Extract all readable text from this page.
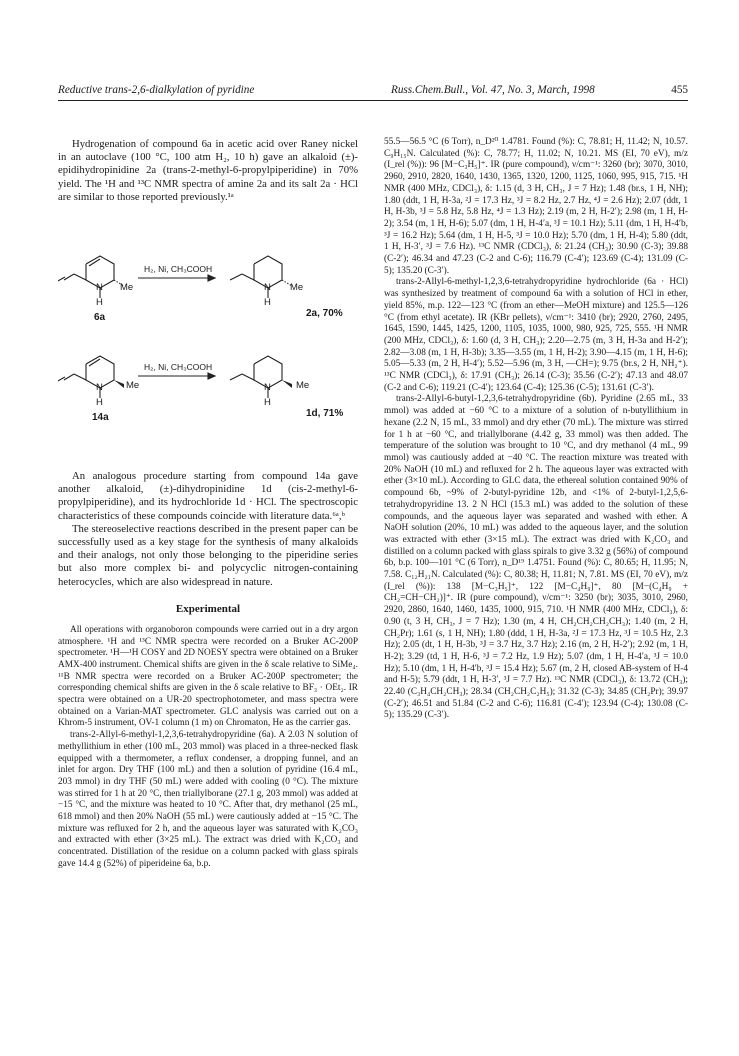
Reductive trans-2,6-dialkylation of pyridine	Russ.Chem.Bull., Vol. 47, No. 3, March, 1998	455

Hydrogenation of compound 6a in acetic acid over Raney nickel in an autoclave (100 °C, 100 atm H₂, 10 h) gave an alkaloid (±)-epidihydropinidine 2a (trans-2-methyl-6-propylpiperidine) in 70% yield. The ¹H and ¹³C NMR spectra of amine 2a and its salt 2a · HCl are similar to those reported previously.¹ᵃ

N Me
H
6a
H₂, Ni, CH₃COOH
N Me
H
2a, 70%
N Me
H
14a
H₂, Ni, CH₃COOH
N	Me
H
1d, 71%

An analogous procedure starting from compound 14a gave another alkaloid, (±)-dihydropinidine 1d (cis-2-methyl-6-propylpiperidine), and its hydrochloride 1d · HCl. The spectroscopic characteristics of these compounds coincide with literature data.⁶ᵃ,ᵇ

The stereoselective reactions described in the present paper can be successfully used as a key stage for the synthesis of many alkaloids and their analogs, not only those belonging to the piperidine series but also more complex bi- and polycyclic nitrogen-containing heterocycles, which are also widespread in nature.

Experimental

All operations with organoboron compounds were carried out in a dry argon atmosphere. ¹H and ¹³C NMR spectra were recorded on a Bruker AC-200P spectrometer. ¹H—¹H COSY and 2D NOESY spectra were obtained on a Bruker AMX-400 instrument. Chemical shifts are given in the δ scale relative to SiMe₄. ¹¹B NMR spectra were recorded on a Bruker AC-200P spectrometer; the corresponding chemical shifts are given in the δ scale relative to BF₃ · OEt₂. IR spectra were obtained on a UR-20 spectrophotometer, and mass spectra were obtained on a Varian-MAT spectrometer. GLC analysis was carried out on a Khrom-5 instrument, OV-1 column (1 m) on Chromaton, He as the carrier gas.

trans-2-Allyl-6-methyl-1,2,3,6-tetrahydropyridine (6a). A 2.03 N solution of methyllithium in ether (100 mL, 203 mmol) was placed in a three-necked flask equipped with a thermometer, a reflux condenser, a dropping funnel, and an inlet for argon. Dry THF (100 mL) and then a solution of pyridine (16.4 mL, 203 mmol) in dry THF (50 mL) were added with cooling (0 °C). The mixture was stirred for 1 h at 20 °C, then triallylborane (27.1 g, 203 mmol) was added at −15 °C, and the mixture was heated to 10 °C. After that, dry methanol (25 mL, 618 mmol) and then 20% NaOH (55 mL) were cautiously added at −15 °C. The mixture was refluxed for 2 h, and the aqueous layer was saturated with K₂CO₃ and extracted with ether (3×25 mL). The extract was dried with K₂CO₃ and concentrated. Distillation of the residue on a column packed with glass spirals gave 14.4 g (52%) of piperideine 6a, b.p.

55.5—56.5 °C (6 Torr), n_D²⁰ 1.4781. Found (%): C, 78.81; H, 11.42; N, 10.57. C₉H₁₅N. Calculated (%): C, 78.77; H, 11.02; N, 10.21. MS (EI, 70 eV), m/z (I_rel (%)): 96 [M−C₃H₅]⁺. IR (pure compound), ν/cm⁻¹: 3260 (br); 3070, 3010, 2960, 2910, 2820, 1640, 1430, 1365, 1320, 1200, 1125, 1060, 995, 915, 715. ¹H NMR (400 MHz, CDCl₃), δ: 1.15 (d, 3 H, CH₃, J = 7 Hz); 1.48 (br.s, 1 H, NH); 1.80 (ddt, 1 H, H-3a, ²J = 17.3 Hz, ³J = 8.2 Hz, 2.7 Hz, ⁴J = 2.6 Hz); 2.07 (ddt, 1 H, H-3b, ³J = 5.8 Hz, 5.8 Hz, ⁴J = 1.3 Hz); 2.19 (m, 2 H, H-2′); 2.98 (m, 1 H, H-2); 3.54 (m, 1 H, H-6); 5.07 (dm, 1 H, H-4′a, ³J = 10.1 Hz); 5.11 (dm, 1 H, H-4′b, ³J = 16.2 Hz); 5.64 (dm, 1 H, H-5, ³J = 10.0 Hz); 5.70 (dm, 1 H, H-4); 5.80 (ddt, 1 H, H-3′, ³J = 7.6 Hz). ¹³C NMR (CDCl₃), δ: 21.24 (CH₃); 30.90 (C-3); 39.88 (C-2′); 46.34 and 47.23 (C-2 and C-6); 116.79 (C-4′); 123.69 (C-4); 131.09 (C-5); 135.20 (C-3′).

trans-2-Allyl-6-methyl-1,2,3,6-tetrahydropyridine hydrochloride (6a · HCl) was synthesized by treatment of compound 6a with a solution of HCl in ether, yield 85%, m.p. 122—123 °C (from an ether—MeOH mixture) and 125.5—126 °C (from ethyl acetate). IR (KBr pellets), ν/cm⁻¹: 3410 (br); 2920, 2760, 2495, 1645, 1590, 1445, 1425, 1200, 1105, 1035, 1000, 980, 925, 725, 555. ¹H NMR (200 MHz, CDCl₃), δ: 1.60 (d, 3 H, CH₃); 2.20—2.75 (m, 3 H, H-3a and H-2′); 2.82—3.08 (m, 1 H, H-3b); 3.35—3.55 (m, 1 H, H-2); 3.90—4.15 (m, 1 H, H-6); 5.05—5.33 (m, 2 H, H-4′); 5.52—5.96 (m, 3 H, —CH=); 9.75 (br.s, 2 H, NH₂⁺). ¹³C NMR (CDCl₃), δ: 17.91 (CH₃); 26.14 (C-3); 35.56 (C-2′); 47.13 and 48.07 (C-2 and C-6); 119.21 (C-4′); 123.64 (C-4); 125.36 (C-5); 131.61 (C-3′).

trans-2-Allyl-6-butyl-1,2,3,6-tetrahydropyridine (6b). Pyridine (2.65 mL, 33 mmol) was added at −60 °C to a mixture of a solution of n-butyllithium in hexane (2.2 N, 15 mL, 33 mmol) and dry ether (70 mL). The mixture was stirred for 1 h at −60 °C, and triallylborane (4.42 g, 33 mmol) was then added. The temperature of the solution was brought to 10 °C, and dry methanol (4 mL, 99 mmol) was cautiously added at −40 °C. The reaction mixture was treated with 20% NaOH (10 mL) and refluxed for 2 h. The aqueous layer was extracted with ether (3×10 mL). According to GLC data, the ethereal solution contained 90% of compound 6b, ~9% of 2-butyl-pyridine 12b, and <1% of 2-butyl-1,2,5,6-tetrahydropyridine 13. 2 N HCl (15.3 mL) was added to the solution of these compounds, and the aqueous layer was separated and washed with ether. A NaOH solution (20%, 10 mL) was added to the aqueous layer, and the solution was extracted with ether (3×15 mL). The extract was dried with K₂CO₃ and distilled on a column packed with glass spirals to give 3.32 g (56%) of compound 6b, b.p. 100—101 °C (6 Torr), n_D¹⁹ 1.4751. Found (%): C, 80.65; H, 11.95; N, 7.58. C₁₂H₂₁N. Calculated (%): C, 80.38; H, 11.81; N, 7.81. MS (EI, 70 eV), m/z (I_rel (%)): 138 [M−C₃H₅]⁺, 122 [M−C₄H₉]⁺, 80 [M−(C₄H₉ + CH₂=CH−CH₂)]⁺. IR (pure compound), ν/cm⁻¹: 3250 (br); 3035, 3010, 2960, 2920, 2860, 1640, 1460, 1435, 1000, 915, 710. ¹H NMR (400 MHz, CDCl₃), δ: 0.90 (t, 3 H, CH₃, J = 7 Hz); 1.30 (m, 4 H, CH₂CH₂CH₂CH₃); 1.40 (m, 2 H, CH₂Pr); 1.61 (s, 1 H, NH); 1.80 (ddd, 1 H, H-3a, ²J = 17.3 Hz, ³J = 10.5 Hz, 2.3 Hz); 2.05 (dt, 1 H, H-3b, ³J = 3.7 Hz, 3.7 Hz); 2.16 (m, 2 H, H-2′); 2.92 (m, 1 H, H-2); 3.29 (td, 1 H, H-6, ³J = 7.2 Hz, 1.9 Hz); 5.07 (dm, 1 H, H-4′a, ³J = 10.0 Hz); 5.10 (dm, 1 H, H-4′b, ³J = 15.4 Hz); 5.67 (m, 2 H, closed AB-system of H-4 and H-5); 5.79 (ddt, 1 H, H-3′, ³J = 7.7 Hz). ¹³C NMR (CDCl₃), δ: 13.72 (CH₃); 22.40 (C₃H₄CH₂CH₃); 28.34 (CH₂CH₂C₂H₅); 31.32 (C-3); 34.85 (CH₂Pr); 39.97 (C-2′); 46.51 and 51.84 (C-2 and C-6); 116.81 (C-4′); 123.94 (C-4); 130.08 (C-5); 135.29 (C-3′).
